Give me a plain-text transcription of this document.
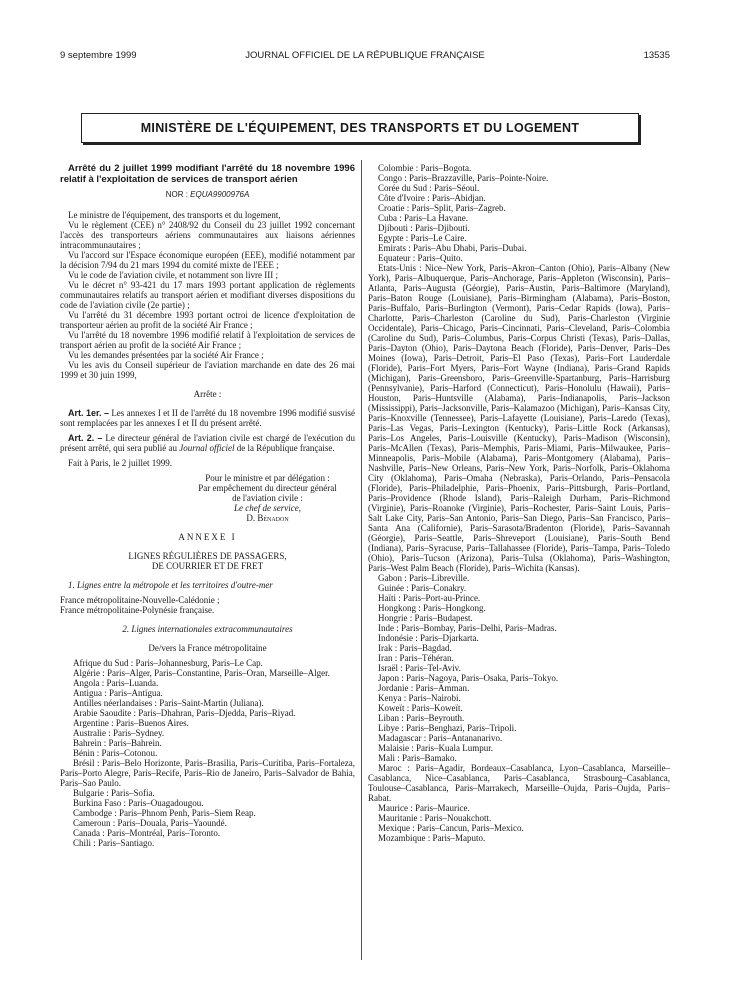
9 septembre 1999	JOURNAL OFFICIEL DE LA RÉPUBLIQUE FRANÇAISE	13535
MINISTÈRE DE L'ÉQUIPEMENT, DES TRANSPORTS ET DU LOGEMENT
Arrêté du 2 juillet 1999 modifiant l'arrêté du 18 novembre 1996 relatif à l'exploitation de services de transport aérien
NOR : EQUA9900976A

Le ministre de l'équipement, des transports et du logement,

Vu le règlement (CEE) n° 2408/92 du Conseil du 23 juillet 1992 concernant l'accès des transporteurs aériens communautaires aux liaisons aériennes intracommunautaires ;

Vu l'accord sur l'Espace économique européen (EEE), modifié notamment par la décision 7/94 du 21 mars 1994 du comité mixte de l'EEE ;

Vu le code de l'aviation civile, et notamment son livre III ;

Vu le décret n° 93-421 du 17 mars 1993 portant application de règlements communautaires relatifs au transport aérien et modifiant diverses dispositions du code de l'aviation civile (2e partie) ;

Vu l'arrêté du 31 décembre 1993 portant octroi de licence d'exploitation de transporteur aérien au profit de la société Air France ;

Vu l'arrêté du 18 novembre 1996 modifié relatif à l'exploitation de services de transport aérien au profit de la société Air France ;

Vu les demandes présentées par la société Air France ;

Vu les avis du Conseil supérieur de l'aviation marchande en date des 26 mai 1999 et 30 juin 1999,

Arrête :

Art. 1er. – Les annexes I et II de l'arrêté du 18 novembre 1996 modifié susvisé sont remplacées par les annexes I et II du présent arrêté.

Art. 2. – Le directeur général de l'aviation civile est chargé de l'exécution du présent arrêté, qui sera publié au Journal officiel de la République française.

Fait à Paris, le 2 juillet 1999.

Pour le ministre et par délégation :

Par empêchement du directeur général

de l'aviation civile :

Le chef de service,

D. Bénadon

ANNEXE I

LIGNES RÉGULIÈRES DE PASSAGERS,

DE COURRIER ET DE FRET

1. Lignes entre la métropole et les territoires d'outre-mer

France métropolitaine-Nouvelle-Calédonie ;

France métropolitaine-Polynésie française.

2. Lignes internationales extracommunautaires

De/vers la France métropolitaine

Afrique du Sud : Paris–Johannesburg, Paris–Le Cap.

Algérie : Paris–Alger, Paris–Constantine, Paris–Oran, Marseille–Alger.

Angola : Paris–Luanda.

Antigua : Paris–Antigua.

Antilles néerlandaises : Paris–Saint-Martin (Juliana).

Arabie Saoudite : Paris–Dhahran, Paris–Djedda, Paris–Riyad.

Argentine : Paris–Buenos Aires.

Australie : Paris–Sydney.

Bahrein : Paris–Bahrein.

Bénin : Paris–Cotonou.

Brésil : Paris–Belo Horizonte, Paris–Brasilia, Paris–Curitiba, Paris–Fortaleza, Paris–Porto Alegre, Paris–Recife, Paris–Rio de Janeiro, Paris–Salvador de Bahia, Paris–Sao Paulo.

Bulgarie : Paris–Sofia.

Burkina Faso : Paris–Ouagadougou.

Cambodge : Paris–Phnom Penh, Paris–Siem Reap.

Cameroun : Paris–Douala, Paris–Yaoundé.

Canada : Paris–Montréal, Paris–Toronto.

Chili : Paris–Santiago.

Colombie : Paris–Bogota.

Congo : Paris–Brazzaville, Paris–Pointe-Noire.

Corée du Sud : Paris–Séoul.

Côte d'Ivoire : Paris–Abidjan.

Croatie : Paris–Split, Paris–Zagreb.

Cuba : Paris–La Havane.

Djibouti : Paris–Djibouti.

Egypte : Paris–Le Caire.

Emirats : Paris–Abu Dhabi, Paris–Dubai.

Equateur : Paris–Quito.

Etats-Unis : Nice–New York, Paris–Akron–Canton (Ohio), Paris–Albany (New York), Paris–Albuquerque, Paris–Anchorage, Paris–Appleton (Wisconsin), Paris–Atlanta, Paris–Augusta (Géorgie), Paris–Austin, Paris–Baltimore (Maryland), Paris–Baton Rouge (Louisiane), Paris–Birmingham (Alabama), Paris–Boston, Paris–Buffalo, Paris–Burlington (Vermont), Paris–Cedar Rapids (Iowa), Paris–Charlotte, Paris–Charleston (Caroline du Sud), Paris–Charleston (Virginie Occidentale), Paris–Chicago, Paris–Cincinnati, Paris–Cleveland, Paris–Colombia (Caroline du Sud), Paris–Columbus, Paris–Corpus Christi (Texas), Paris–Dallas, Paris–Dayton (Ohio), Paris–Daytona Beach (Floride), Paris–Denver, Paris–Des Moines (Iowa), Paris–Detroit, Paris–El Paso (Texas), Paris–Fort Lauderdale (Floride), Paris–Fort Myers, Paris–Fort Wayne (Indiana), Paris–Grand Rapids (Michigan), Paris–Greensboro, Paris–Greenville-Spartanburg, Paris–Harrisburg (Pennsylvanie), Paris–Harford (Connecticut), Paris–Honolulu (Hawaii), Paris–Houston, Paris–Huntsville (Alabama), Paris–Indianapolis, Paris–Jackson (Mississippi), Paris–Jacksonville, Paris–Kalamazoo (Michigan), Paris–Kansas City, Paris–Knoxville (Tennessee), Paris–Lafayette (Louisiane), Paris–Laredo (Texas), Paris–Las Vegas, Paris–Lexington (Kentucky), Paris–Little Rock (Arkansas), Paris–Los Angeles, Paris–Louisville (Kentucky), Paris–Madison (Wisconsin), Paris–McAllen (Texas), Paris–Memphis, Paris–Miami, Paris–Milwaukee, Paris–Minneapolis, Paris–Mobile (Alabama), Paris–Montgomery (Alabama), Paris–Nashville, Paris–New Orleans, Paris–New York, Paris–Norfolk, Paris–Oklahoma City (Oklahoma), Paris–Omaha (Nebraska), Paris–Orlando, Paris–Pensacola (Floride), Paris–Philadelphie, Paris–Phoenix, Paris–Pittsburgh, Paris–Portland, Paris–Providence (Rhode Island), Paris–Raleigh Durham, Paris–Richmond (Virginie), Paris–Roanoke (Virginie), Paris–Rochester, Paris–Saint Louis, Paris–Salt Lake City, Paris–San Antonio, Paris–San Diego, Paris–San Francisco, Paris–Santa Ana (Californie), Paris–Sarasota/Bradenton (Floride), Paris–Savannah (Géorgie), Paris–Seattle, Paris–Shreveport (Louisiane), Paris–South Bend (Indiana), Paris–Syracuse, Paris–Tallahassee (Floride), Paris–Tampa, Paris–Toledo (Ohio), Paris–Tucson (Arizona), Paris–Tulsa (Oklahoma), Paris–Washington, Paris–West Palm Beach (Floride), Paris–Wichita (Kansas).

Gabon : Paris–Libreville.

Guinée : Paris–Conakry.

Haïti : Paris–Port-au-Prince.

Hongkong : Paris–Hongkong.

Hongrie : Paris–Budapest.

Inde : Paris–Bombay, Paris–Delhi, Paris–Madras.

Indonésie : Paris–Djarkarta.

Irak : Paris–Bagdad.

Iran : Paris–Téhéran.

Israël : Paris–Tel-Aviv.

Japon : Paris–Nagoya, Paris–Osaka, Paris–Tokyo.

Jordanie : Paris–Amman.

Kenya : Paris–Nairobi.

Koweït : Paris–Koweït.

Liban : Paris–Beyrouth.

Libye : Paris–Benghazi, Paris–Tripoli.

Madagascar : Paris–Antananarivo.

Malaisie : Paris–Kuala Lumpur.

Mali : Paris–Bamako.

Maroc : Paris–Agadir, Bordeaux–Casablanca, Lyon–Casablanca, Marseille–Casablanca, Nice–Casablanca, Paris–Casablanca, Strasbourg–Casablanca, Toulouse–Casablanca, Paris–Marrakech, Marseille–Oujda, Paris–Oujda, Paris–Rabat.

Maurice : Paris–Maurice.

Mauritanie : Paris–Nouakchott.

Mexique : Paris–Cancun, Paris–Mexico.

Mozambique : Paris–Maputo.
